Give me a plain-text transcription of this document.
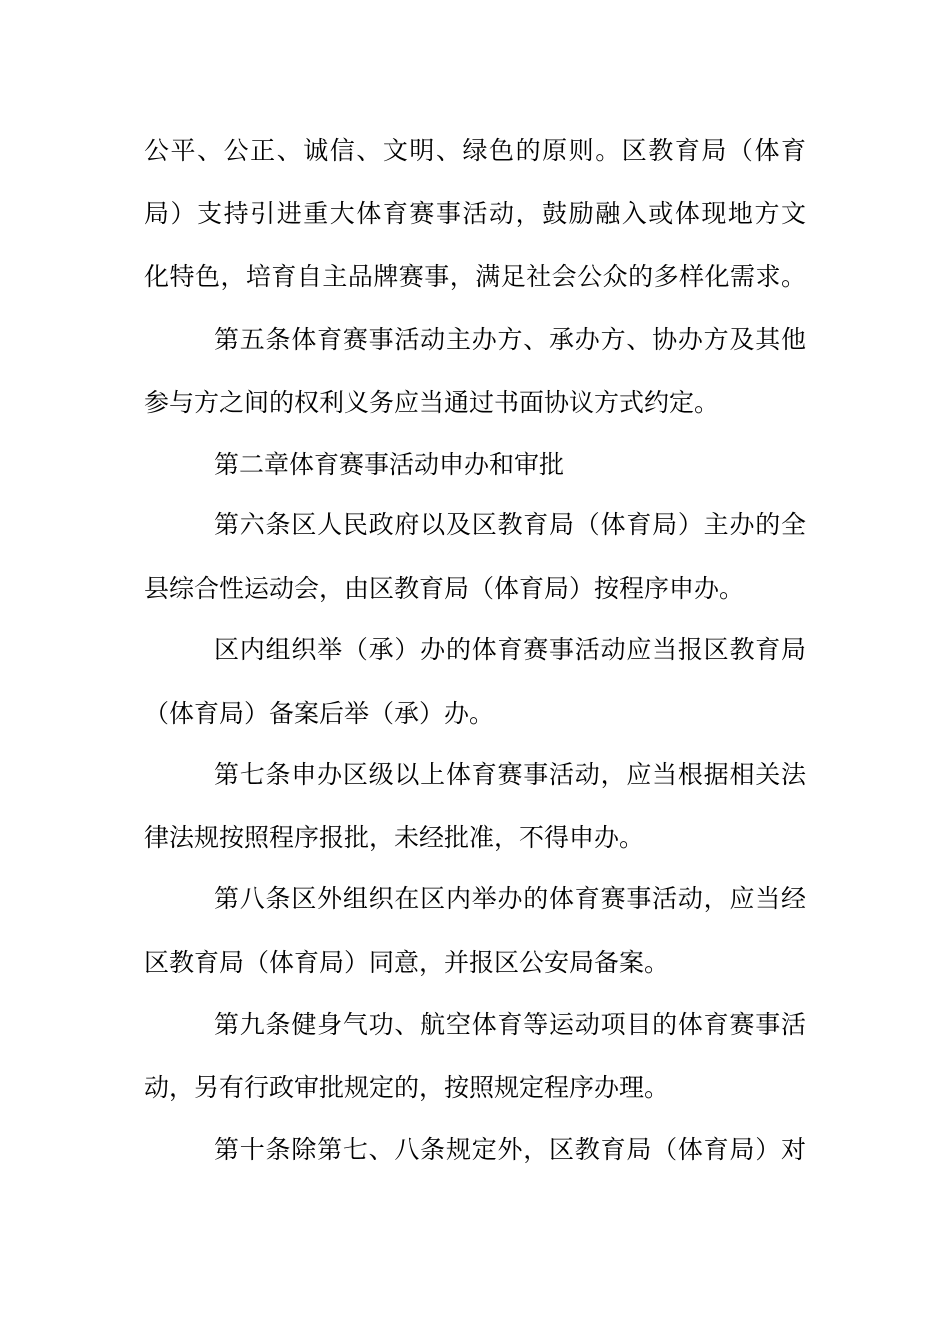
公平、公正、诚信、文明、绿色的原则。区教育局（体育
局）支持引进重大体育赛事活动，鼓励融入或体现地方文
化特色，培育自主品牌赛事，满足社会公众的多样化需求。
第五条体育赛事活动主办方、承办方、协办方及其他
参与方之间的权利义务应当通过书面协议方式约定。
第二章体育赛事活动申办和审批
第六条区人民政府以及区教育局（体育局）主办的全
县综合性运动会，由区教育局（体育局）按程序申办。
区内组织举（承）办的体育赛事活动应当报区教育局
（体育局）备案后举（承）办。
第七条申办区级以上体育赛事活动，应当根据相关法
律法规按照程序报批，未经批准，不得申办。
第八条区外组织在区内举办的体育赛事活动，应当经
区教育局（体育局）同意，并报区公安局备案。
第九条健身气功、航空体育等运动项目的体育赛事活
动，另有行政审批规定的，按照规定程序办理。
第十条除第七、八条规定外，区教育局（体育局）对
